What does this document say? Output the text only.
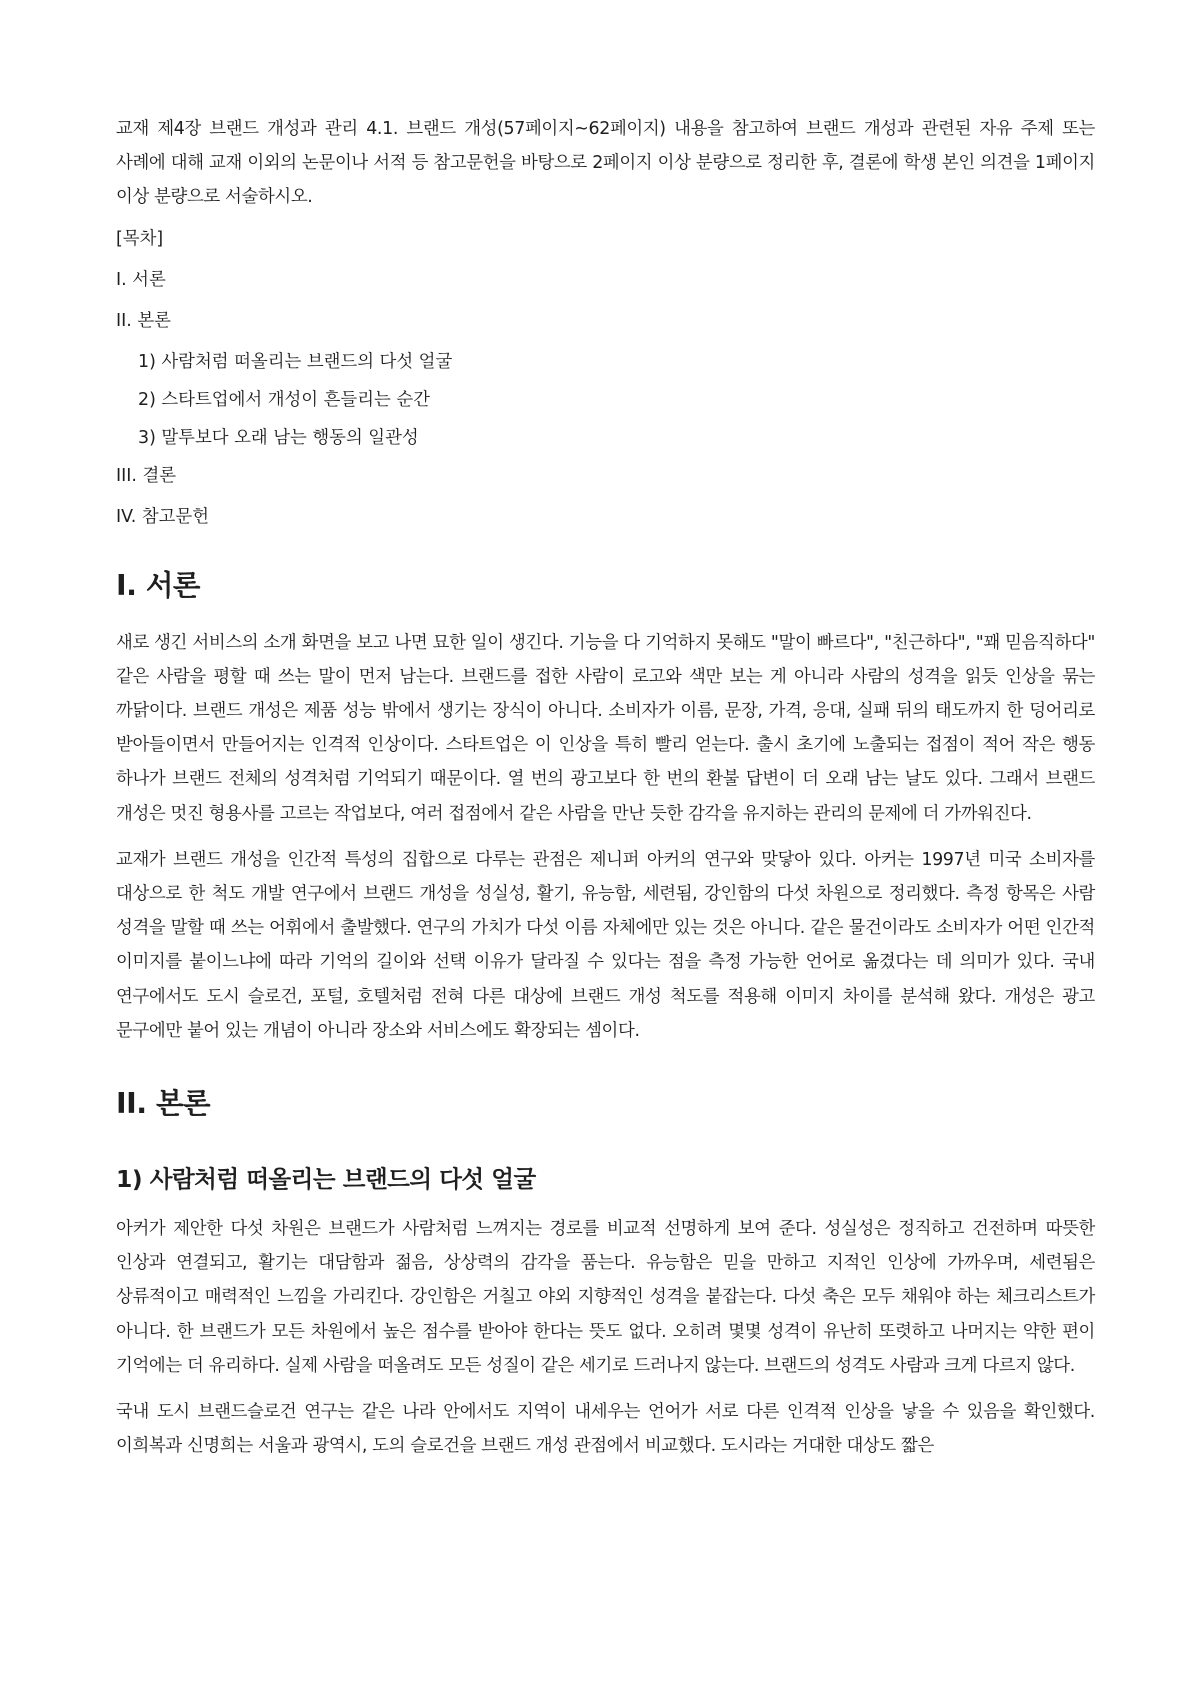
교재 제4장 브랜드 개성과 관리 4.1. 브랜드 개성(57페이지~62페이지) 내용을 참고하여 브랜드 개성과 관련된 자유 주제 또는 사례에 대해 교재 이외의 논문이나 서적 등 참고문헌을 바탕으로 2페이지 이상 분량으로 정리한 후, 결론에 학생 본인 의견을 1페이지 이상 분량으로 서술하시오.

[목차]
I. 서론
II. 본론
1) 사람처럼 떠올리는 브랜드의 다섯 얼굴
2) 스타트업에서 개성이 흔들리는 순간
3) 말투보다 오래 남는 행동의 일관성
III. 결론
IV. 참고문헌
I. 서론

새로 생긴 서비스의 소개 화면을 보고 나면 묘한 일이 생긴다. 기능을 다 기억하지 못해도 "말이 빠르다", "친근하다", "꽤 믿음직하다" 같은 사람을 평할 때 쓰는 말이 먼저 남는다. 브랜드를 접한 사람이 로고와 색만 보는 게 아니라 사람의 성격을 읽듯 인상을 묶는 까닭이다. 브랜드 개성은 제품 성능 밖에서 생기는 장식이 아니다. 소비자가 이름, 문장, 가격, 응대, 실패 뒤의 태도까지 한 덩어리로 받아들이면서 만들어지는 인격적 인상이다. 스타트업은 이 인상을 특히 빨리 얻는다. 출시 초기에 노출되는 접점이 적어 작은 행동 하나가 브랜드 전체의 성격처럼 기억되기 때문이다. 열 번의 광고보다 한 번의 환불 답변이 더 오래 남는 날도 있다. 그래서 브랜드 개성은 멋진 형용사를 고르는 작업보다, 여러 접점에서 같은 사람을 만난 듯한 감각을 유지하는 관리의 문제에 더 가까워진다.

교재가 브랜드 개성을 인간적 특성의 집합으로 다루는 관점은 제니퍼 아커의 연구와 맞닿아 있다. 아커는 1997년 미국 소비자를 대상으로 한 척도 개발 연구에서 브랜드 개성을 성실성, 활기, 유능함, 세련됨, 강인함의 다섯 차원으로 정리했다. 측정 항목은 사람 성격을 말할 때 쓰는 어휘에서 출발했다. 연구의 가치가 다섯 이름 자체에만 있는 것은 아니다. 같은 물건이라도 소비자가 어떤 인간적 이미지를 붙이느냐에 따라 기억의 길이와 선택 이유가 달라질 수 있다는 점을 측정 가능한 언어로 옮겼다는 데 의미가 있다. 국내 연구에서도 도시 슬로건, 포털, 호텔처럼 전혀 다른 대상에 브랜드 개성 척도를 적용해 이미지 차이를 분석해 왔다. 개성은 광고 문구에만 붙어 있는 개념이 아니라 장소와 서비스에도 확장되는 셈이다.

II. 본론
1) 사람처럼 떠올리는 브랜드의 다섯 얼굴

아커가 제안한 다섯 차원은 브랜드가 사람처럼 느껴지는 경로를 비교적 선명하게 보여 준다. 성실성은 정직하고 건전하며 따뜻한 인상과 연결되고, 활기는 대담함과 젊음, 상상력의 감각을 품는다. 유능함은 믿을 만하고 지적인 인상에 가까우며, 세련됨은 상류적이고 매력적인 느낌을 가리킨다. 강인함은 거칠고 야외 지향적인 성격을 붙잡는다. 다섯 축은 모두 채워야 하는 체크리스트가 아니다. 한 브랜드가 모든 차원에서 높은 점수를 받아야 한다는 뜻도 없다. 오히려 몇몇 성격이 유난히 또렷하고 나머지는 약한 편이 기억에는 더 유리하다. 실제 사람을 떠올려도 모든 성질이 같은 세기로 드러나지 않는다. 브랜드의 성격도 사람과 크게 다르지 않다.

국내 도시 브랜드슬로건 연구는 같은 나라 안에서도 지역이 내세우는 언어가 서로 다른 인격적 인상을 낳을 수 있음을 확인했다. 이희복과 신명희는 서울과 광역시, 도의 슬로건을 브랜드 개성 관점에서 비교했다. 도시라는 거대한 대상도 짧은
